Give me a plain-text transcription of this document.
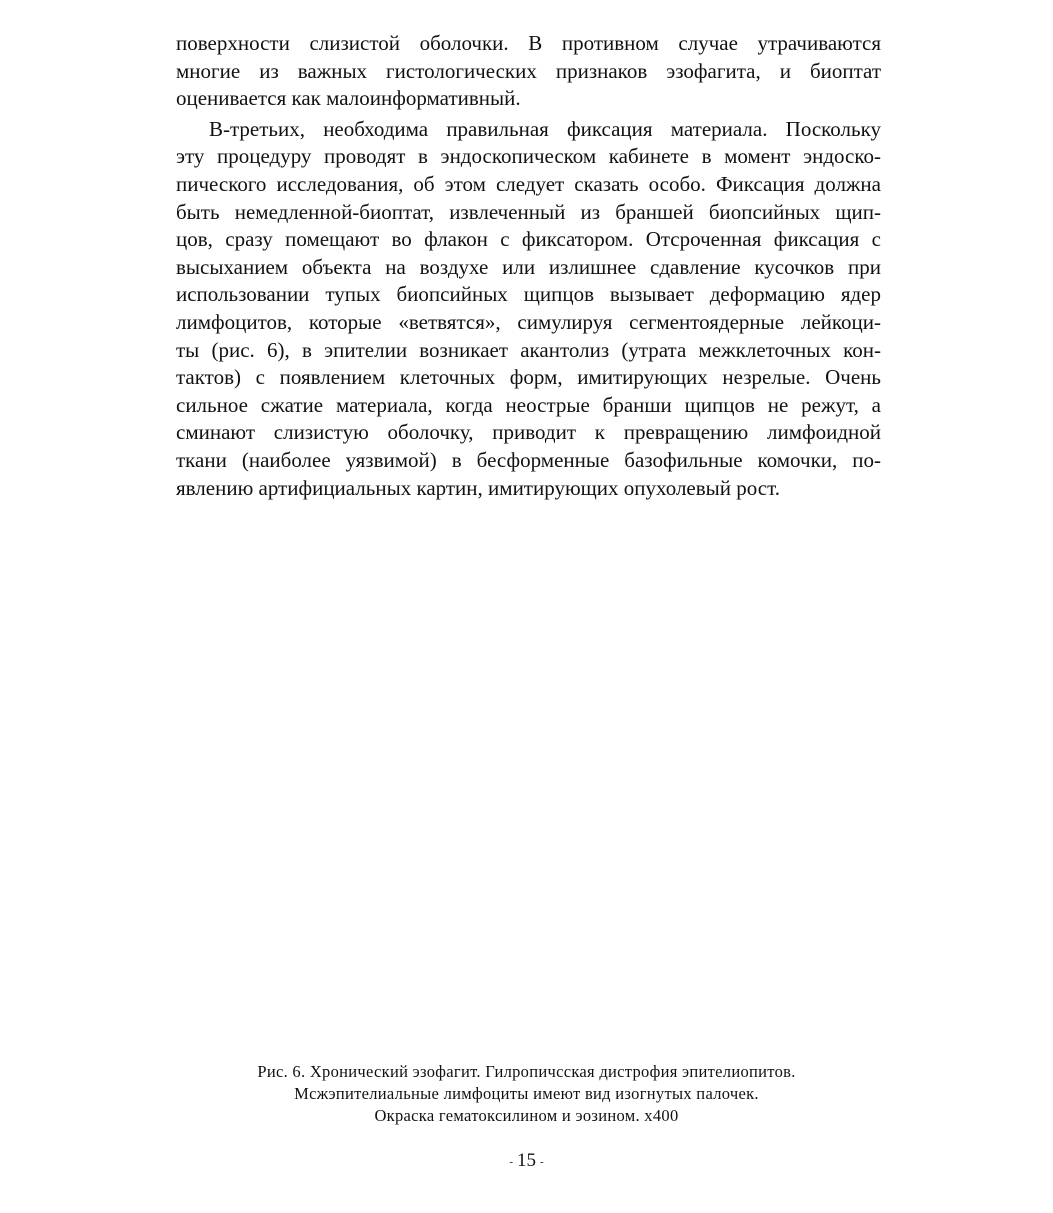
поверхности слизистой оболочки. В противном случае утрачиваются
многие из важных гистологических признаков эзофагита, и биоптат
оценивается как малоинформативный.
В-третьих, необходима правильная фиксация материала. Поскольку
эту процедуру проводят в эндоскопическом кабинете в момент эндоско-
пического исследования, об этом следует сказать особо. Фиксация должна
быть немедленной-биоптат, извлеченный из браншей биопсийных щип-
цов, сразу помещают во флакон с фиксатором. Отсроченная фиксация с
высыханием объекта на воздухе или излишнее сдавление кусочков при
использовании тупых биопсийных щипцов вызывает деформацию ядер
лимфоцитов, которые «ветвятся», симулируя сегментоядерные лейкоци-
ты (рис. 6), в эпителии возникает акантолиз (утрата межклеточных кон-
тактов) с появлением клеточных форм, имитирующих незрелые. Очень
сильное сжатие материала, когда неострые бранши щипцов не режут, а
сминают слизистую оболочку, приводит к превращению лимфоидной
ткани (наиболее уязвимой) в бесформенные базофильные комочки, по-
явлению артифициальных картин, имитирующих опухолевый рост.
Рис. 6. Хронический эзофагит. Гилропичсская дистрофия эпителиопитов.
Мсжэпителиальные лимфоциты имеют вид изогнутых палочек.
Окраска гематоксилином и эозином. х400
- 15 -
